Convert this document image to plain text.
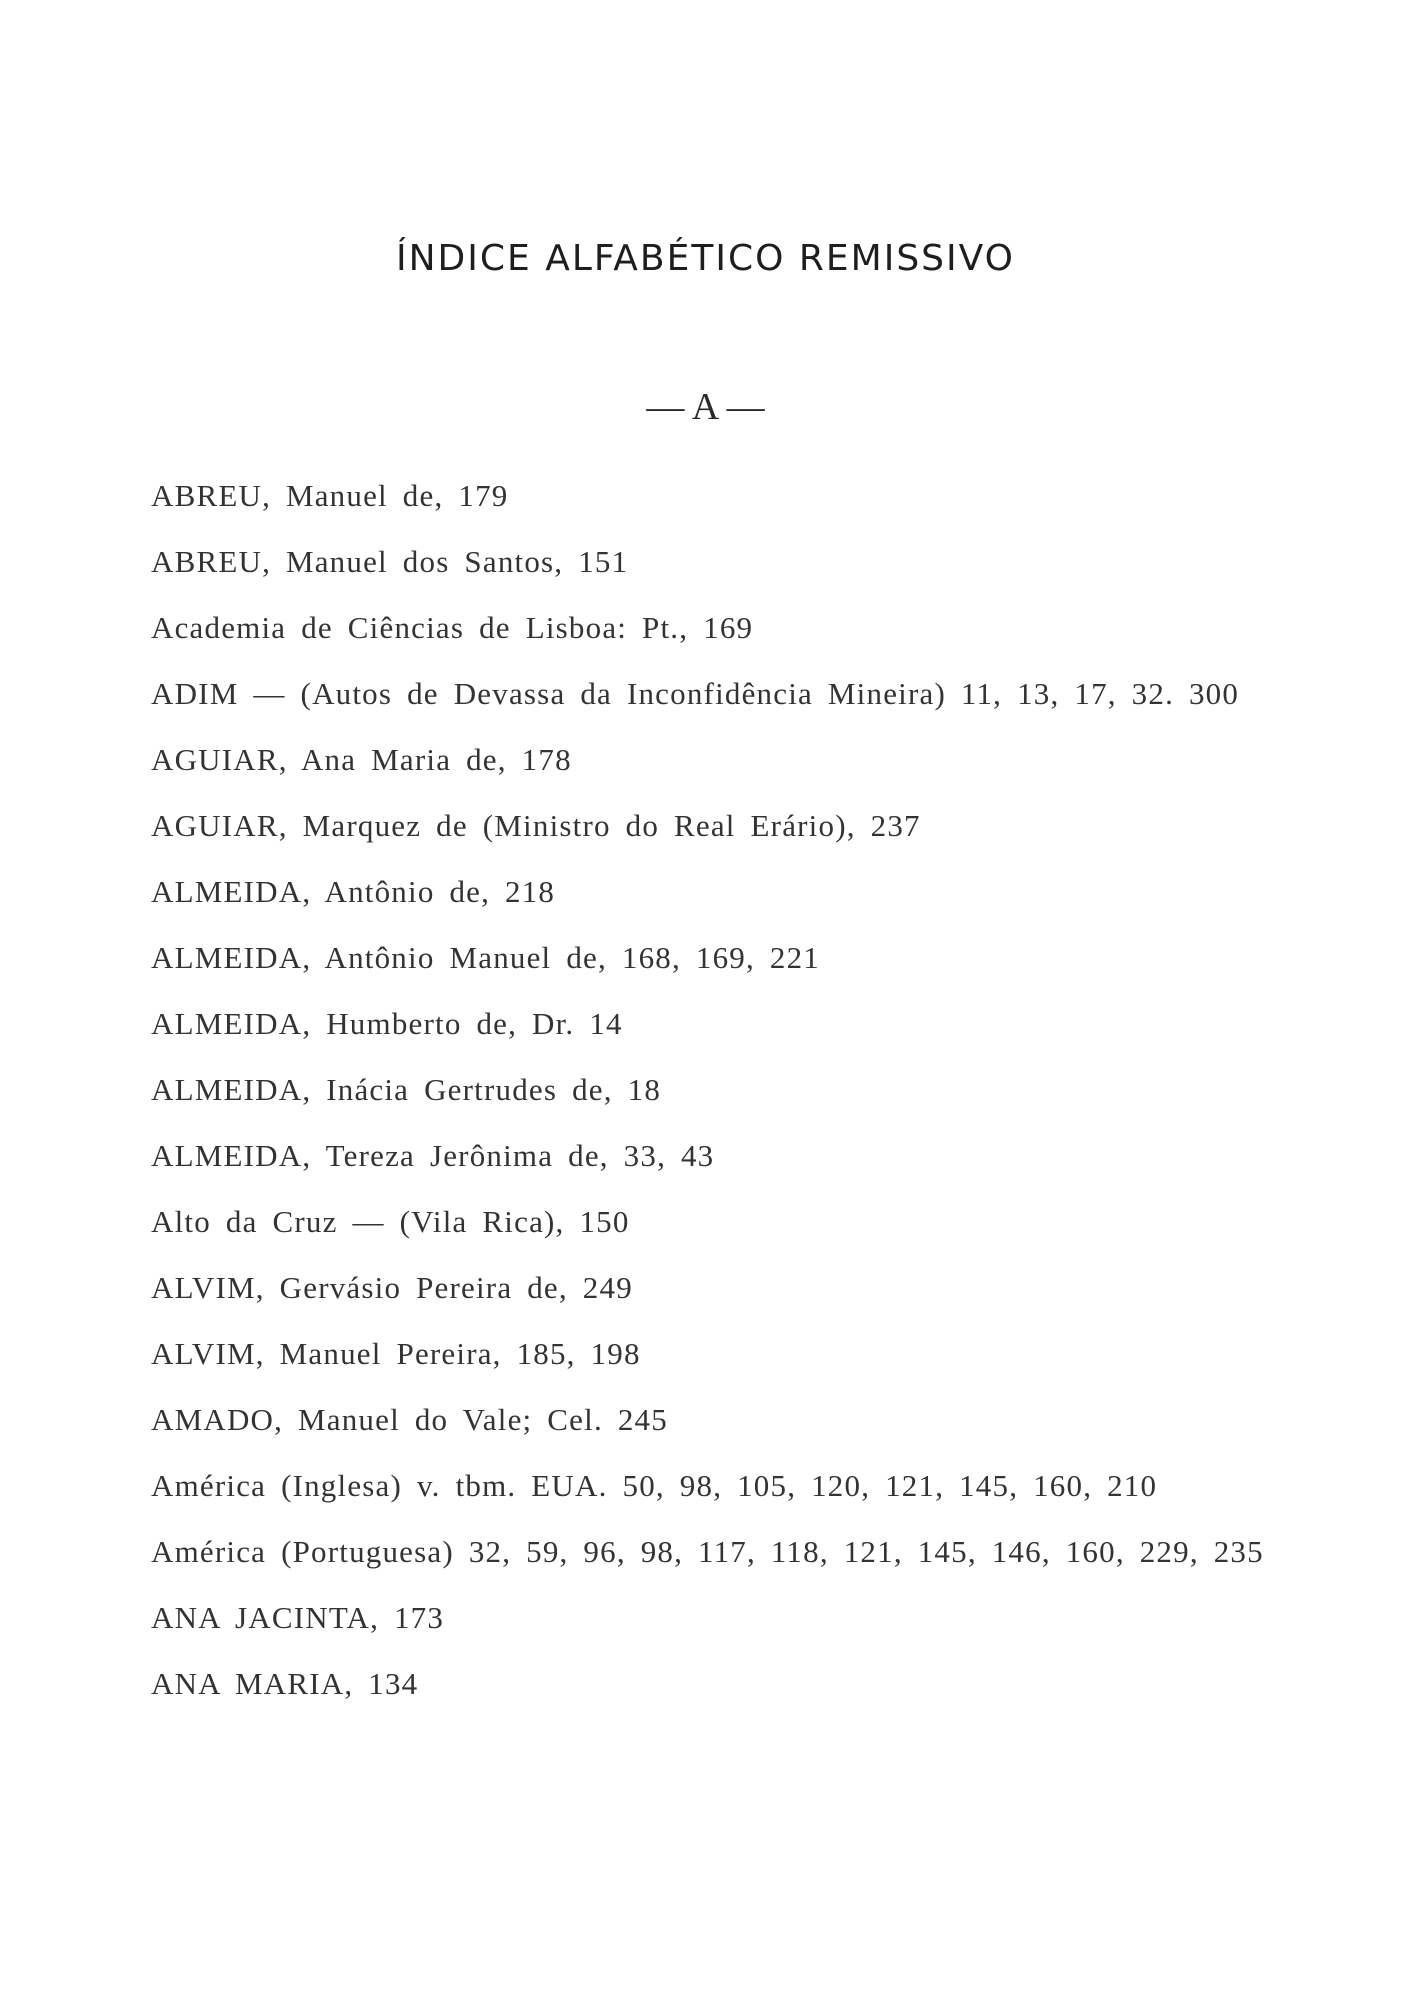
ÍNDICE ALFABÉTICO REMISSIVO
— A —
ABREU, Manuel de, 179
ABREU, Manuel dos Santos, 151
Academia de Ciências de Lisboa: Pt., 169
ADIM — (Autos de Devassa da Inconfidência Mineira) 11, 13, 17, 32. 300
AGUIAR, Ana Maria de, 178
AGUIAR, Marquez de (Ministro do Real Erário), 237
ALMEIDA, Antônio de, 218
ALMEIDA, Antônio Manuel de, 168, 169, 221
ALMEIDA, Humberto de, Dr. 14
ALMEIDA, Inácia Gertrudes de, 18
ALMEIDA, Tereza Jerônima de, 33, 43
Alto da Cruz — (Vila Rica), 150
ALVIM, Gervásio Pereira de, 249
ALVIM, Manuel Pereira, 185, 198
AMADO, Manuel do Vale; Cel. 245
América (Inglesa) v. tbm. EUA. 50, 98, 105, 120, 121, 145, 160, 210
América (Portuguesa) 32, 59, 96, 98, 117, 118, 121, 145, 146, 160, 229, 235
ANA JACINTA, 173
ANA MARIA, 134
